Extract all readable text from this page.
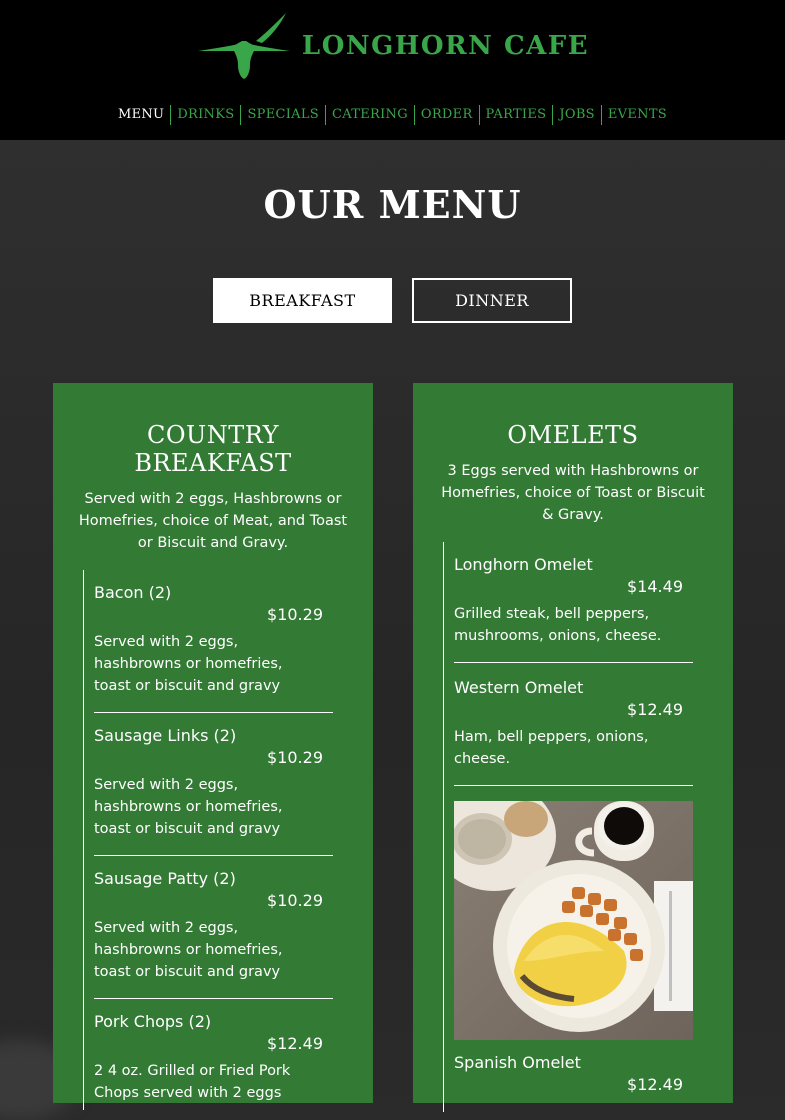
LONGHORN CAFE
MENU	DRINKS	SPECIALS	CATERING	ORDER	PARTIES	JOBS	EVENTS
OUR MENU
BREAKFAST	DINNER
COUNTRY
BREAKFAST
Served with 2 eggs, Hashbrowns or Homefries, choice of Meat, and Toast or Biscuit and Gravy.
Bacon (2)
$10.29
Served with 2 eggs, hashbrowns or homefries, toast or biscuit and gravy
Sausage Links (2)
$10.29
Served with 2 eggs, hashbrowns or homefries, toast or biscuit and gravy
Sausage Patty (2)
$10.29
Served with 2 eggs, hashbrowns or homefries, toast or biscuit and gravy
Pork Chops (2)
$12.49
2 4 oz. Grilled or Fried Pork Chops served with 2 eggs
OMELETS
3 Eggs served with Hashbrowns or Homefries, choice of Toast or Biscuit & Gravy.
Longhorn Omelet
$14.49
Grilled steak, bell peppers, mushrooms, onions, cheese.
Western Omelet
$12.49
Ham, bell peppers, onions, cheese.
Spanish Omelet
$12.49
